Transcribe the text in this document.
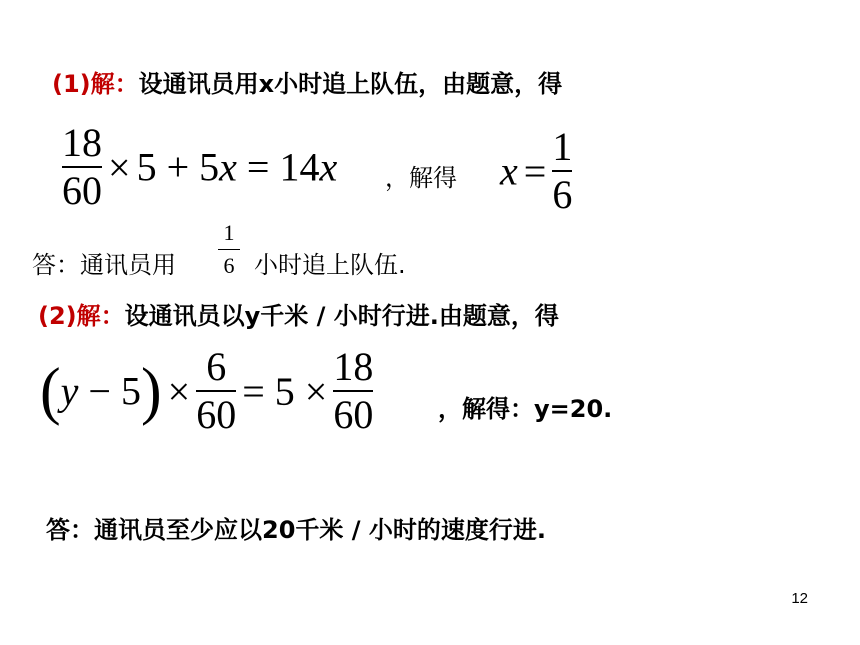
(1)解：设通讯员用x小时追上队伍，由题意，得
$\frac{18}{60} \times 5 + 5x = 14x$ ，解得 $x = \frac{1}{6}$
答：通讯员用
1
6 小时追上队伍.
(2)解：设通讯员以y千米 / 小时行进.由题意，得
$(y - 5) \times \frac{6}{60} = 5 \times \frac{18}{60}$	，解得：y=20.
答：通讯员至少应以20千米 / 小时的速度行进.
12
